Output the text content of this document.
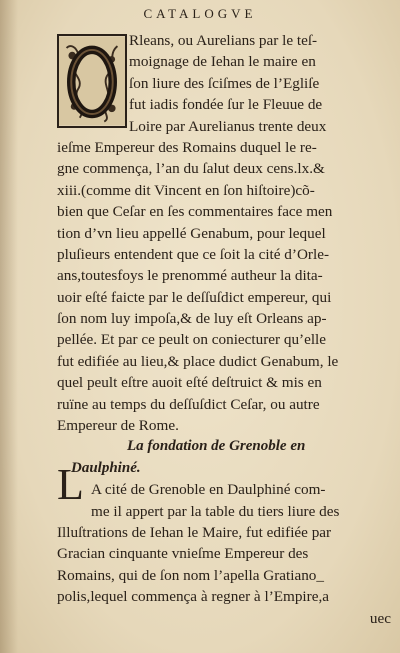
CATALOGVE
Rleans, ou Aurelians par le teſ-
moignage de Iehan le maire en
ſon liure des ſciſmes de l’Egliſe
fut iadis fondée ſur le Fleuue de
Loire par Aurelianus trente deux
ieſme Empereur des Romains duquel le re-
gne commença, l’an du ſalut deux cens.lx.&
xiii.(comme dit Vincent en ſon hiſtoire)cõ-
bien que Ceſar en ſes commentaires face men
tion d’vn lieu appellé Genabum, pour lequel
pluſieurs entendent que ce ſoit la cité d’Orle-
ans,toutesfoys le prenommé autheur la dita-
uoir eſté faicte par le deſſuſdict empereur, qui
ſon nom luy impoſa,& de luy eſt Orleans ap-
pellée. Et par ce peult on coniecturer qu’elle
fut edifiée au lieu,& place dudict Genabum, le
quel peult eſtre auoit eſté deſtruict & mis en
ruïne au temps du deſſuſdict Ceſar, ou autre
Empereur de Rome.
La fondation de Grenoble en
Daulphiné.
A cité de Grenoble en Daulphiné com-
me il appert par la table du tiers liure des
Illuſtrations de Iehan le Maire, fut edifiée par
Gracian cinquante vnieſme Empereur des
Romains, qui de ſon nom l’apella Gratiano_
polis,lequel commença à regner à l’Empire,a
uec
L
